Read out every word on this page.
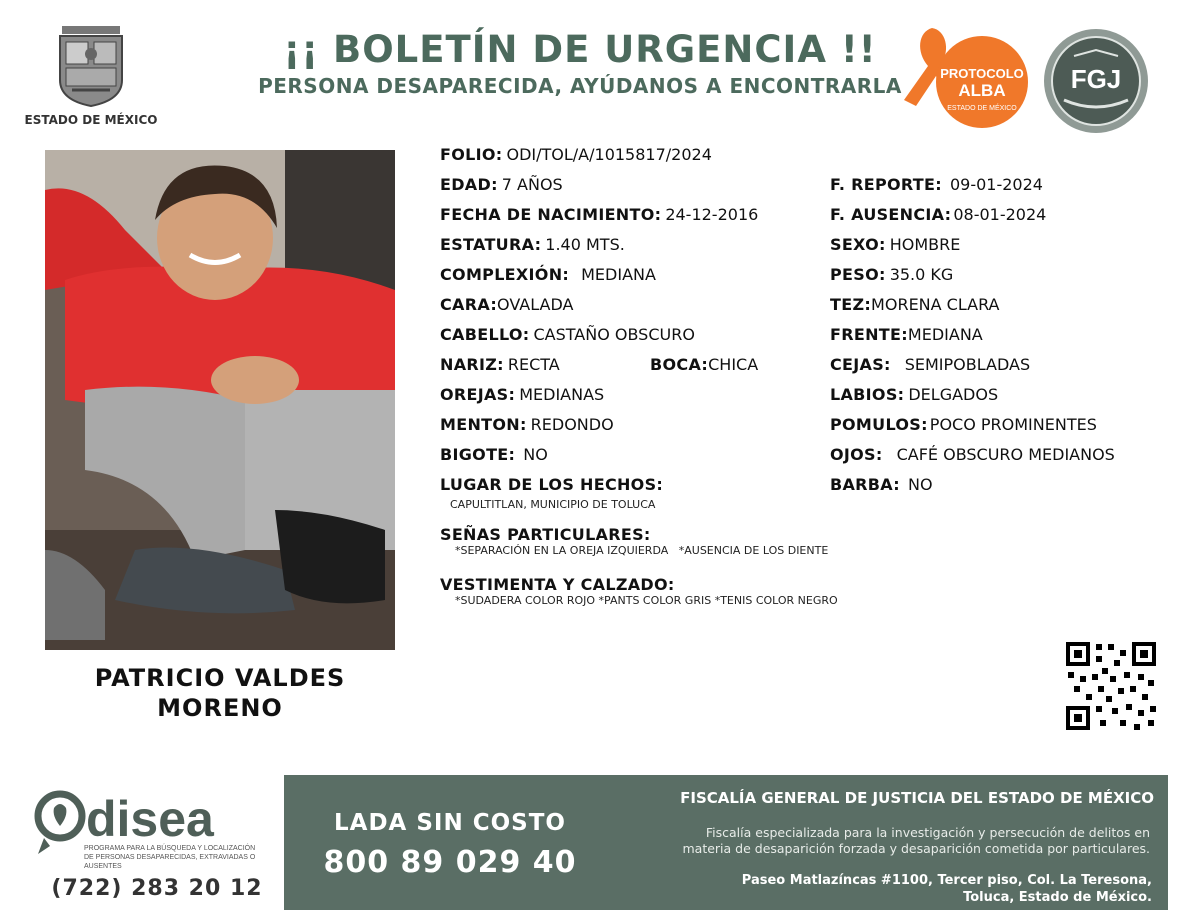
ESTADO DE MÉXICO
¡¡ BOLETÍN DE URGENCIA !!
PERSONA DESAPARECIDA, AYÚDANOS A ENCONTRARLA
PROTOCOLO
ALBA
ESTADO DE MÉXICO
FGJ
PATRICIO VALDES
MORENO
FOLIO: ODI/TOL/A/1015817/2024
EDAD: 7 AÑOS
FECHA DE NACIMIENTO: 24-12-2016
ESTATURA: 1.40 MTS.
COMPLEXIÓN: MEDIANA
CARA:OVALADA
CABELLO: CASTAÑO OBSCURO
NARIZ: RECTA	BOCA:CHICA
OREJAS: MEDIANAS
MENTON: REDONDO
BIGOTE: NO
F. REPORTE: 09-01-2024
F. AUSENCIA: 08-01-2024
SEXO: HOMBRE
PESO: 35.0 KG
TEZ:MORENA CLARA
FRENTE:MEDIANA
CEJAS: SEMIPOBLADAS
LABIOS: DELGADOS
POMULOS: POCO PROMINENTES
OJOS: CAFÉ OBSCURO MEDIANOS
BARBA: NO
LUGAR DE LOS HECHOS:
CAPULTITLAN, MUNICIPIO DE TOLUCA
SEÑAS PARTICULARES:
*SEPARACIÓN EN LA OREJA IZQUIERDA   *AUSENCIA DE LOS DIENTE
VESTIMENTA Y CALZADO:
*SUDADERA COLOR ROJO *PANTS COLOR GRIS *TENIS COLOR NEGRO
disea
PROGRAMA PARA LA BÚSQUEDA Y LOCALIZACIÓN
DE PERSONAS DESAPARECIDAS, EXTRAVIADAS O
AUSENTES
(722) 283 20 12
LADA SIN COSTO
800 89 029 40
FISCALÍA GENERAL DE JUSTICIA DEL ESTADO DE MÉXICO
Fiscalía especializada para la investigación y persecución de delitos en
materia de desaparición forzada y desaparición cometida por particulares.
Paseo Matlazíncas #1100, Tercer piso, Col. La Teresona,
Toluca, Estado de México.
